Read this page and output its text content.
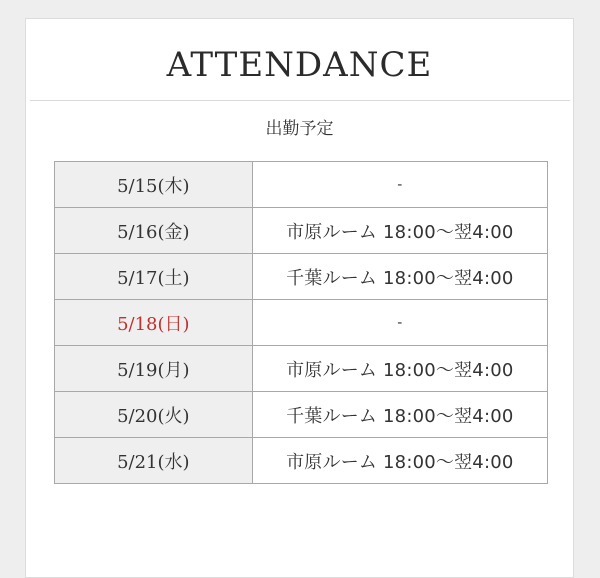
ATTENDANCE
出勤予定
5/15(木)	-
5/16(金)	市原ルーム 18:00〜翌4:00
5/17(土)	千葉ルーム 18:00〜翌4:00
5/18(日)	-
5/19(月)	市原ルーム 18:00〜翌4:00
5/20(火)	千葉ルーム 18:00〜翌4:00
5/21(水)	市原ルーム 18:00〜翌4:00
